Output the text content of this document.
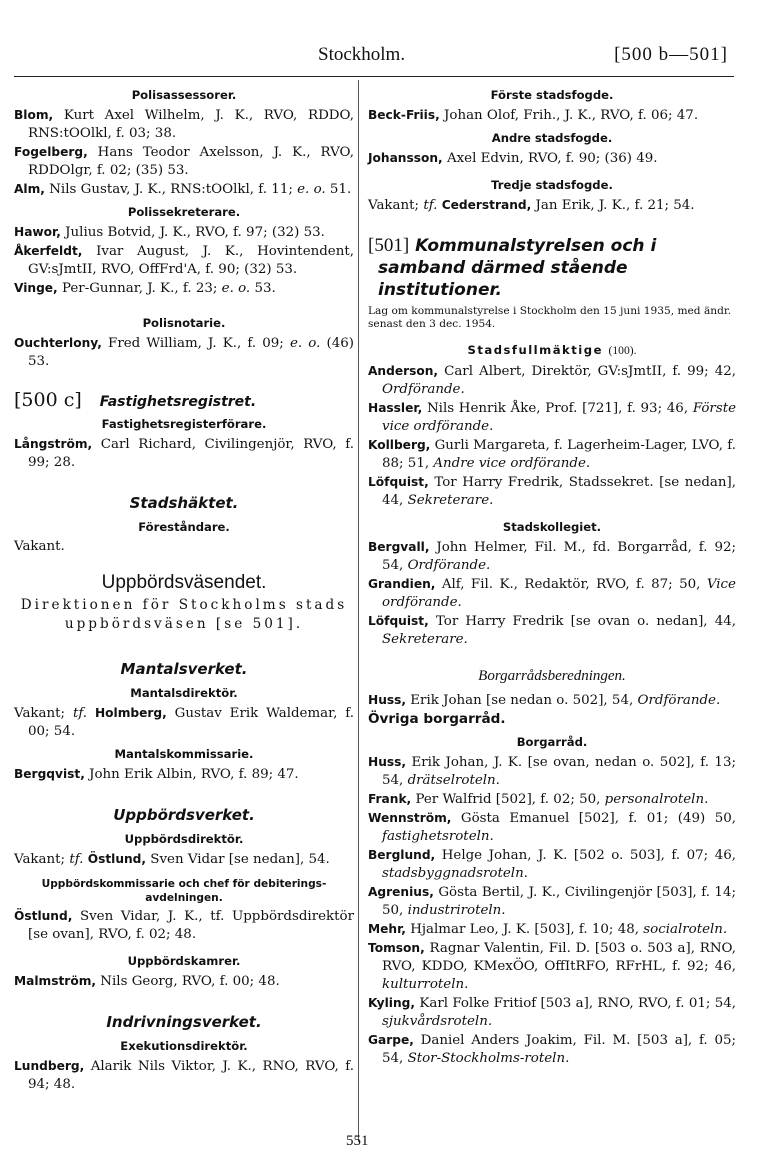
Stockholm.	[500 b—501]
Polisassessorer.

Blom, Kurt Axel Wilhelm, J. K., RVO, RDDO, RNS:tOOlkl, f. 03; 38.

Fogelberg, Hans Teodor Axelsson, J. K., RVO, RDDOlgr, f. 02; (35) 53.

Alm, Nils Gustav, J. K., RNS:tOOlkl, f. 11; e. o. 51.

Polissekreterare.

Hawor, Julius Botvid, J. K., RVO, f. 97; (32) 53.

Åkerfeldt, Ivar August, J. K., Hovintendent, GV:sJmtII, RVO, OffFrd'A, f. 90; (32) 53.

Vinge, Per-Gunnar, J. K., f. 23; e. o. 53.

Polisnotarie.

Ouchterlony, Fred William, J. K., f. 09; e. o. (46) 53.

[500 c] Fastighetsregistret.
Fastighetsregisterförare.

Långström, Carl Richard, Civilingenjör, RVO, f. 99; 28.

Stadshäktet.
Föreståndare.

Vakant.

Uppbördsväsendet.
Direktionen för Stockholms stads uppbördsväsen [se 501].
Mantalsverket.
Mantalsdirektör.

Vakant; tf. Holmberg, Gustav Erik Waldemar, f. 00; 54.

Mantalskommissarie.

Bergqvist, John Erik Albin, RVO, f. 89; 47.

Uppbördsverket.
Uppbördsdirektör.

Vakant; tf. Östlund, Sven Vidar [se nedan], 54.

Uppbördskommissarie och chef för debiterings-avdelningen.

Östlund, Sven Vidar, J. K., tf. Uppbördsdirektör [se ovan], RVO, f. 02; 48.

Uppbördskamrer.

Malmström, Nils Georg, RVO, f. 00; 48.

Indrivningsverket.
Exekutionsdirektör.

Lundberg, Alarik Nils Viktor, J. K., RNO, RVO, f. 94; 48.

Förste stadsfogde.

Beck-Friis, Johan Olof, Frih., J. K., RVO, f. 06; 47.

Andre stadsfogde.

Johansson, Axel Edvin, RVO, f. 90; (36) 49.

Tredje stadsfogde.

Vakant; tf. Cederstrand, Jan Erik, J. K., f. 21; 54.

[501] Kommunalstyrelsen och i samband därmed stående institutioner.
Lag om kommunalstyrelse i Stockholm den 15 juni 1935, med ändr. senast den 3 dec. 1954.
Stadsfullmäktige (100).

Anderson, Carl Albert, Direktör, GV:sJmtII, f. 99; 42, Ordförande.

Hassler, Nils Henrik Åke, Prof. [721], f. 93; 46, Förste vice ordförande.

Kollberg, Gurli Margareta, f. Lagerheim-Lager, LVO, f. 88; 51, Andre vice ordförande.

Löfquist, Tor Harry Fredrik, Stadssekret. [se nedan], 44, Sekreterare.

Stadskollegiet.

Bergvall, John Helmer, Fil. M., fd. Borgarråd, f. 92; 54, Ordförande.

Grandien, Alf, Fil. K., Redaktör, RVO, f. 87; 50, Vice ordförande.

Löfquist, Tor Harry Fredrik [se ovan o. nedan], 44, Sekreterare.

Borgarrådsberedningen.

Huss, Erik Johan [se nedan o. 502], 54, Ordförande.

Övriga borgarråd.

Borgarråd.

Huss, Erik Johan, J. K. [se ovan, nedan o. 502], f. 13; 54, drätselroteln.

Frank, Per Walfrid [502], f. 02; 50, personalroteln.

Wennström, Gösta Emanuel [502], f. 01; (49) 50, fastighetsroteln.

Berglund, Helge Johan, J. K. [502 o. 503], f. 07; 46, stadsbyggnadsroteln.

Agrenius, Gösta Bertil, J. K., Civilingenjör [503], f. 14; 50, industriroteln.

Mehr, Hjalmar Leo, J. K. [503], f. 10; 48, socialroteln.

Tomson, Ragnar Valentin, Fil. D. [503 o. 503 a], RNO, RVO, KDDO, KMexÖO, OffItRFO, RFrHL, f. 92; 46, kulturroteln.

Kyling, Karl Folke Fritiof [503 a], RNO, RVO, f. 01; 54, sjukvårdsroteln.

Garpe, Daniel Anders Joakim, Fil. M. [503 a], f. 05; 54, Stor-Stockholms-roteln.

551
